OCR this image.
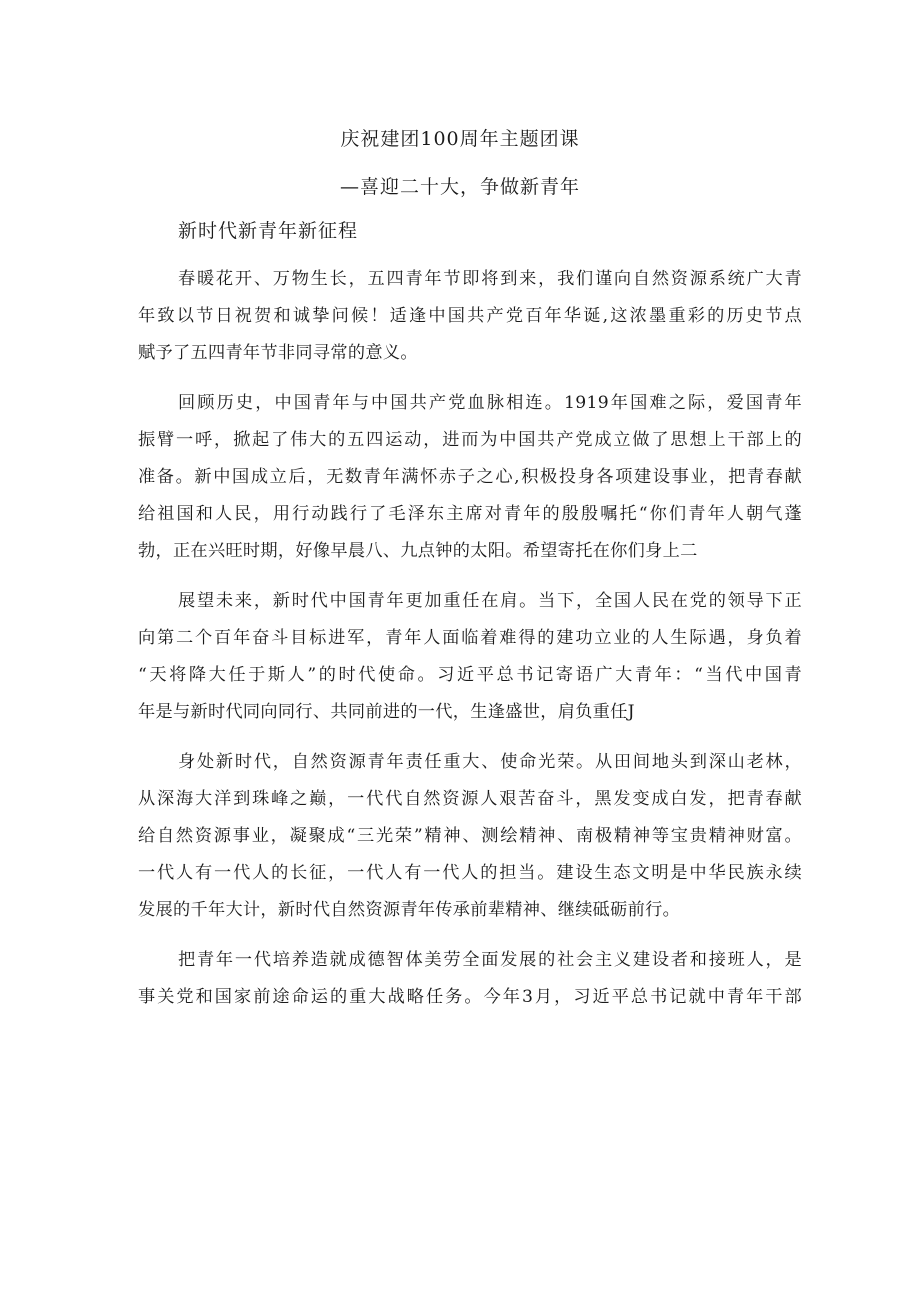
庆祝建团100周年主题团课
—喜迎二十大，争做新青年
新时代新青年新征程

春暖花开、万物生长，五四青年节即将到来，我们谨向自然资源系统广大青
年致以节日祝贺和诚挚问候！适逢中国共产党百年华诞,这浓墨重彩的历史节点
赋予了五四青年节非同寻常的意义。

回顾历史，中国青年与中国共产党血脉相连。1919年国难之际，爱国青年
振臂一呼，掀起了伟大的五四运动，进而为中国共产党成立做了思想上干部上的
准备。新中国成立后，无数青年满怀赤子之心,积极投身各项建设事业，把青春献
给祖国和人民，用行动践行了毛泽东主席对青年的殷殷嘱托“你们青年人朝气蓬
勃，正在兴旺时期，好像早晨八、九点钟的太阳。希望寄托在你们身上二

展望未来，新时代中国青年更加重任在肩。当下，全国人民在党的领导下正
向第二个百年奋斗目标进军，青年人面临着难得的建功立业的人生际遇，身负着
“天将降大任于斯人”的时代使命。习近平总书记寄语广大青年：“当代中国青
年是与新时代同向同行、共同前进的一代，生逢盛世，肩负重任J

身处新时代，自然资源青年责任重大、使命光荣。从田间地头到深山老林，
从深海大洋到珠峰之巅，一代代自然资源人艰苦奋斗，黑发变成白发，把青春献
给自然资源事业，凝聚成“三光荣”精神、测绘精神、南极精神等宝贵精神财富。
一代人有一代人的长征，一代人有一代人的担当。建设生态文明是中华民族永续
发展的千年大计，新时代自然资源青年传承前辈精神、继续砥砺前行。

把青年一代培养造就成德智体美劳全面发展的社会主义建设者和接班人，是
事关党和国家前途命运的重大战略任务。今年3月，习近平总书记就中青年干部
